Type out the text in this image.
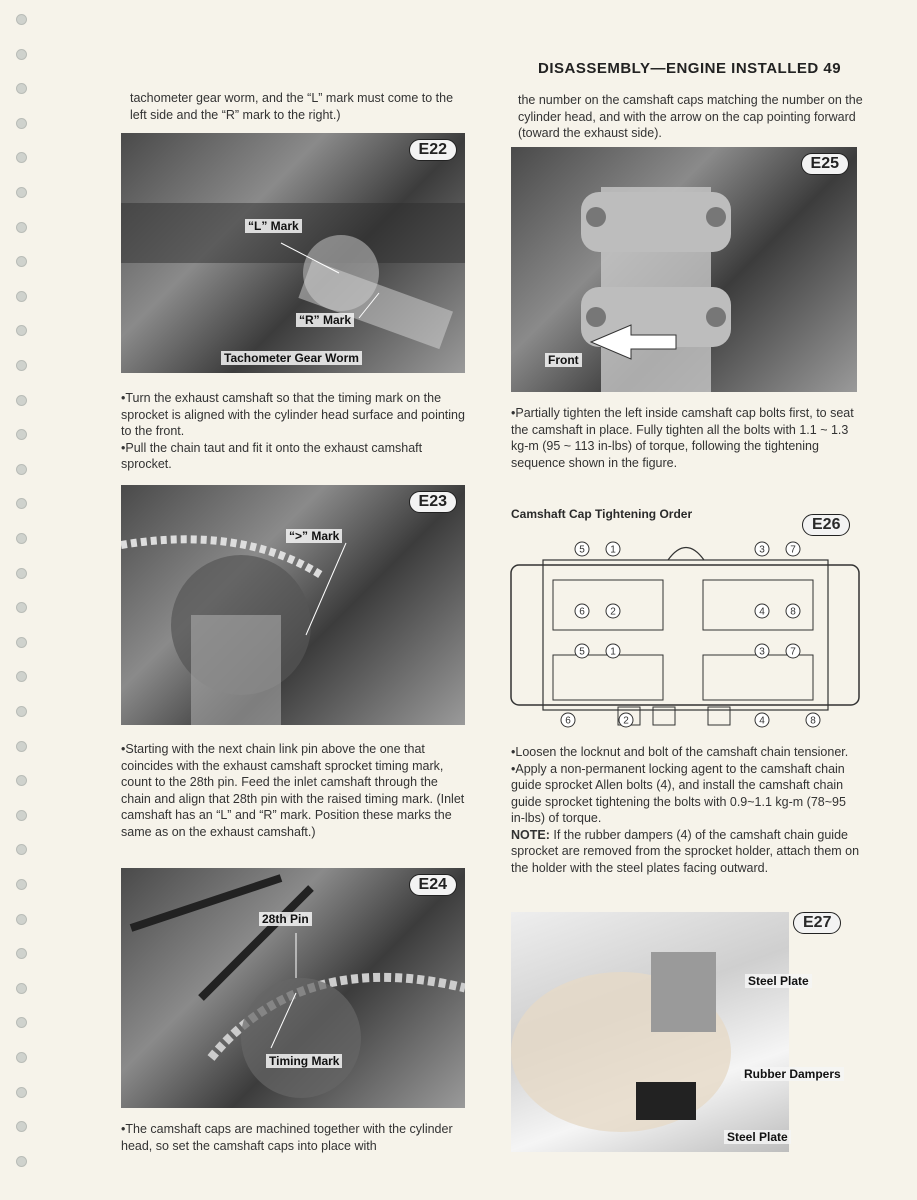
DISASSEMBLY—ENGINE INSTALLED 49

tachometer gear worm, and the “L” mark must come to the left side and the “R” mark to the right.)

E22
“L” Mark
“R” Mark
Tachometer Gear Worm

•Turn the exhaust camshaft so that the timing mark on the sprocket is aligned with the cylinder head surface and pointing to the front.

•Pull the chain taut and fit it onto the exhaust camshaft sprocket.

E23
“>” Mark

•Starting with the next chain link pin above the one that coincides with the exhaust camshaft sprocket timing mark, count to the 28th pin. Feed the inlet camshaft through the chain and align that 28th pin with the raised timing mark. (Inlet camshaft has an “L” and “R” mark. Position these marks the same as on the exhaust camshaft.)

E24
28th Pin
Timing Mark

•The camshaft caps are machined together with the cylinder head, so set the camshaft caps into place with

the number on the camshaft caps matching the number on the cylinder head, and with the arrow on the cap pointing forward (toward the exhaust side).

E25
Front

•Partially tighten the left inside camshaft cap bolts first, to seat the camshaft in place. Fully tighten all the bolts with 1.1 ~ 1.3 kg-m (95 ~ 113 in-lbs) of torque, following the tightening sequence shown in the figure.

Camshaft Cap Tightening Order
E26
5	1	3	7
6	2	4	8
5	1	3	7
6	2	4	8

•Loosen the locknut and bolt of the camshaft chain tensioner.

•Apply a non-permanent locking agent to the camshaft chain guide sprocket Allen bolts (4), and install the camshaft chain guide sprocket tightening the bolts with 0.9~1.1 kg-m (78~95 in-lbs) of torque.

NOTE: If the rubber dampers (4) of the camshaft chain guide sprocket are removed from the sprocket holder, attach them on the holder with the steel plates facing outward.

E27
Steel Plate
Rubber Dampers
Steel Plate
